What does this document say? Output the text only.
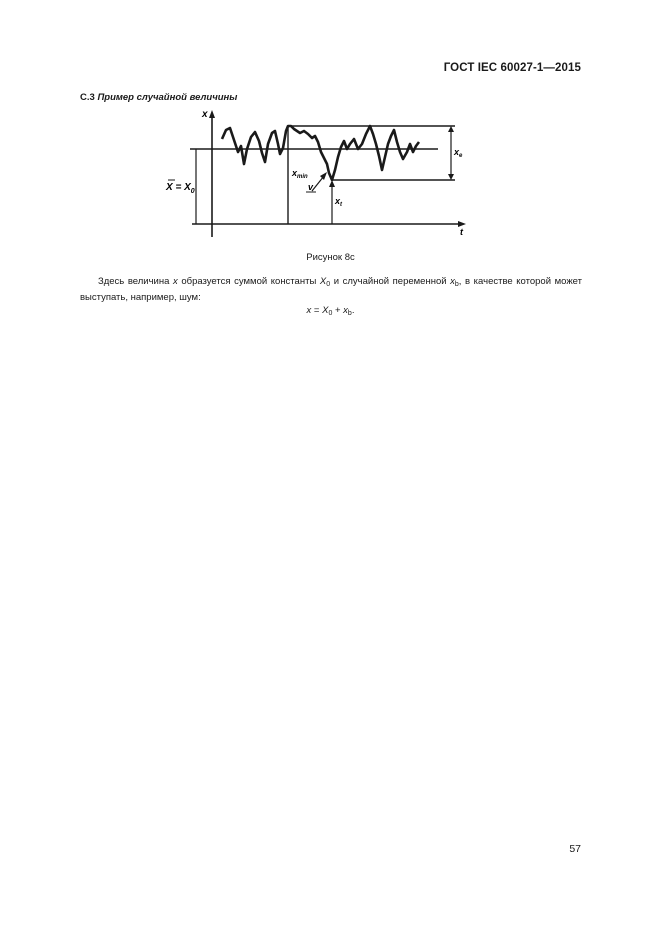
ГОСТ IEC 60027-1—2015
С.3 Пример случайной величины
x
t
$X = X_0$
$x_e$
$x_{min}$
v
$x_t$
Рисунок 8с
Здесь величина x образуется суммой константы $X_0$ и случайной переменной $x_b$, в качестве которой может выступать, например, шум:
$x = X_0 + x_b$.
57
